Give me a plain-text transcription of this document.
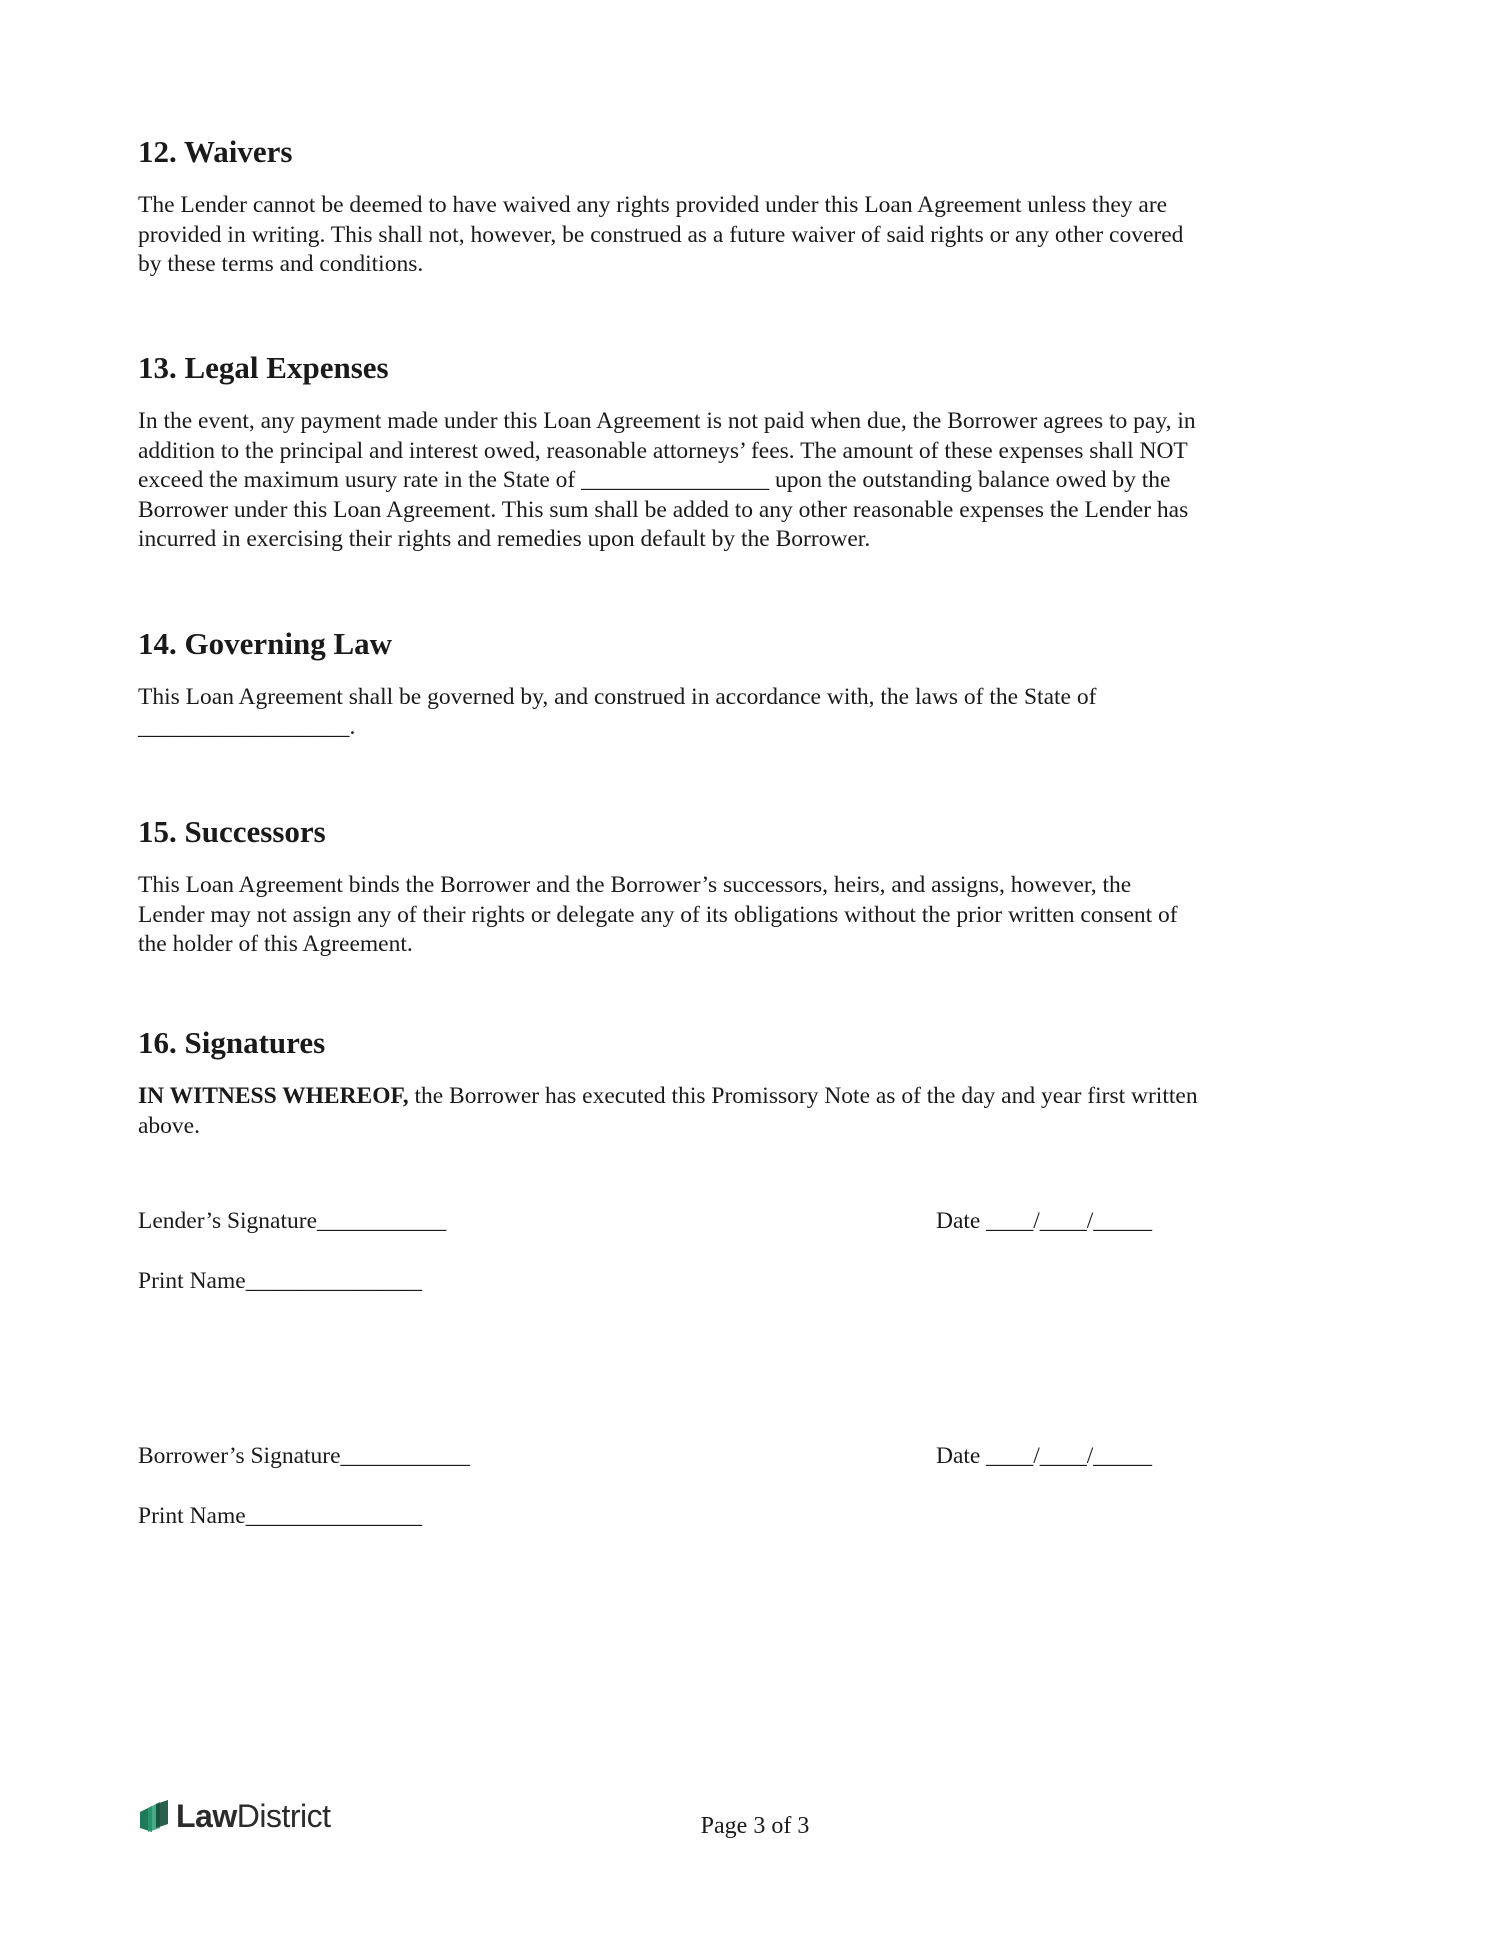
12. Waivers

The Lender cannot be deemed to have waived any rights provided under this Loan Agreement unless they are
provided in writing. This shall not, however, be construed as a future waiver of said rights or any other covered
by these terms and conditions.

13. Legal Expenses

In the event, any payment made under this Loan Agreement is not paid when due, the Borrower agrees to pay, in
addition to the principal and interest owed, reasonable attorneys’ fees. The amount of these expenses shall NOT
exceed the maximum usury rate in the State of ________________ upon the outstanding balance owed by the
Borrower under this Loan Agreement. This sum shall be added to any other reasonable expenses the Lender has
incurred in exercising their rights and remedies upon default by the Borrower.

14. Governing Law

This Loan Agreement shall be governed by, and construed in accordance with, the laws of the State of
__________________.

15. Successors

This Loan Agreement binds the Borrower and the Borrower’s successors, heirs, and assigns, however, the
Lender may not assign any of their rights or delegate any of its obligations without the prior written consent of
the holder of this Agreement.

16. Signatures

IN WITNESS WHEREOF, the Borrower has executed this Promissory Note as of the day and year first written
above.

Lender’s Signature___________	Date ____/____/_____
Print Name_______________
Borrower’s Signature___________	Date ____/____/_____
Print Name_______________
LawDistrict	Page 3 of 3
